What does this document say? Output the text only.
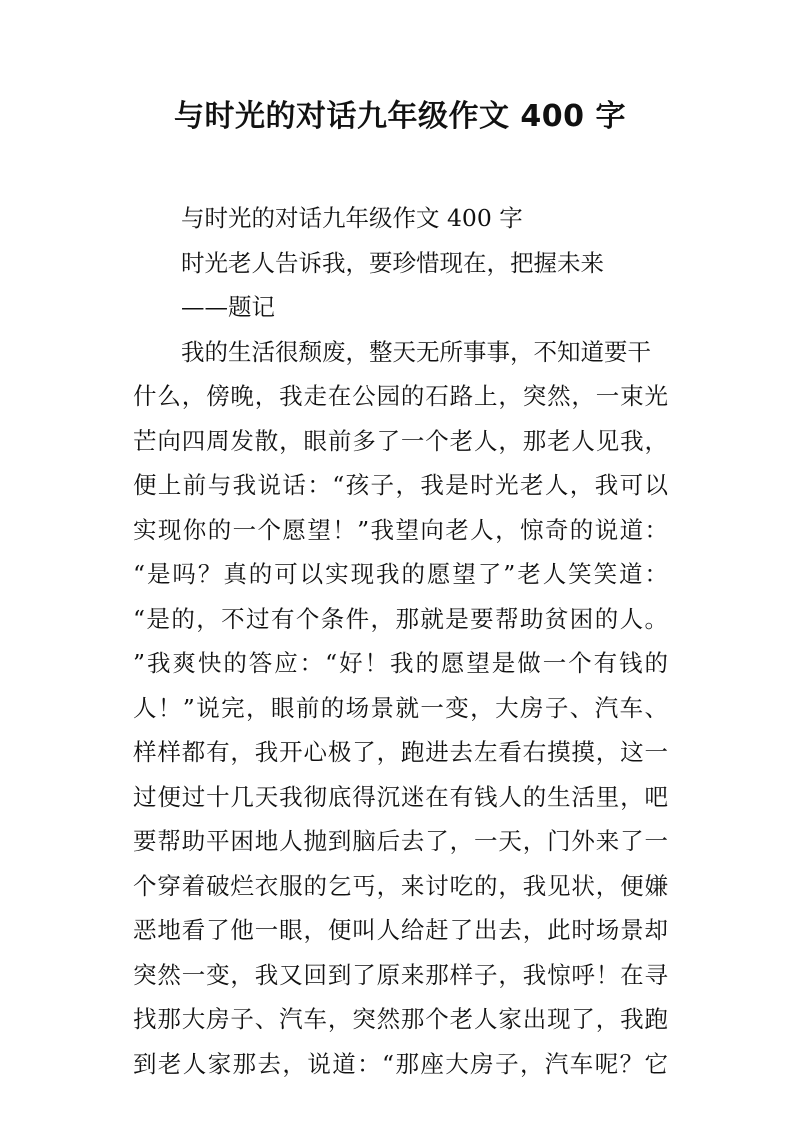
与时光的对话九年级作文 400 字
与时光的对话九年级作文 400 字
时光老人告诉我，要珍惜现在，把握未来
——题记
我的生活很颓废，整天无所事事，不知道要干
什么，傍晚，我走在公园的石路上，突然，一束光
芒向四周发散，眼前多了一个老人，那老人见我，
便上前与我说话：“孩子，我是时光老人，我可以
实现你的一个愿望！”我望向老人，惊奇的说道：
“是吗？真的可以实现我的愿望了”老人笑笑道：
“是的，不过有个条件，那就是要帮助贫困的人。
”我爽快的答应：“好！我的愿望是做一个有钱的
人！”说完，眼前的场景就一变，大房子、汽车、
样样都有，我开心极了，跑进去左看右摸摸，这一
过便过十几天我彻底得沉迷在有钱人的生活里，吧
要帮助平困地人抛到脑后去了，一天，门外来了一
个穿着破烂衣服的乞丐，来讨吃的，我见状，便嫌
恶地看了他一眼，便叫人给赶了出去，此时场景却
突然一变，我又回到了原来那样子，我惊呼！在寻
找那大房子、汽车，突然那个老人家出现了，我跑
到老人家那去，说道：“那座大房子，汽车呢？它
